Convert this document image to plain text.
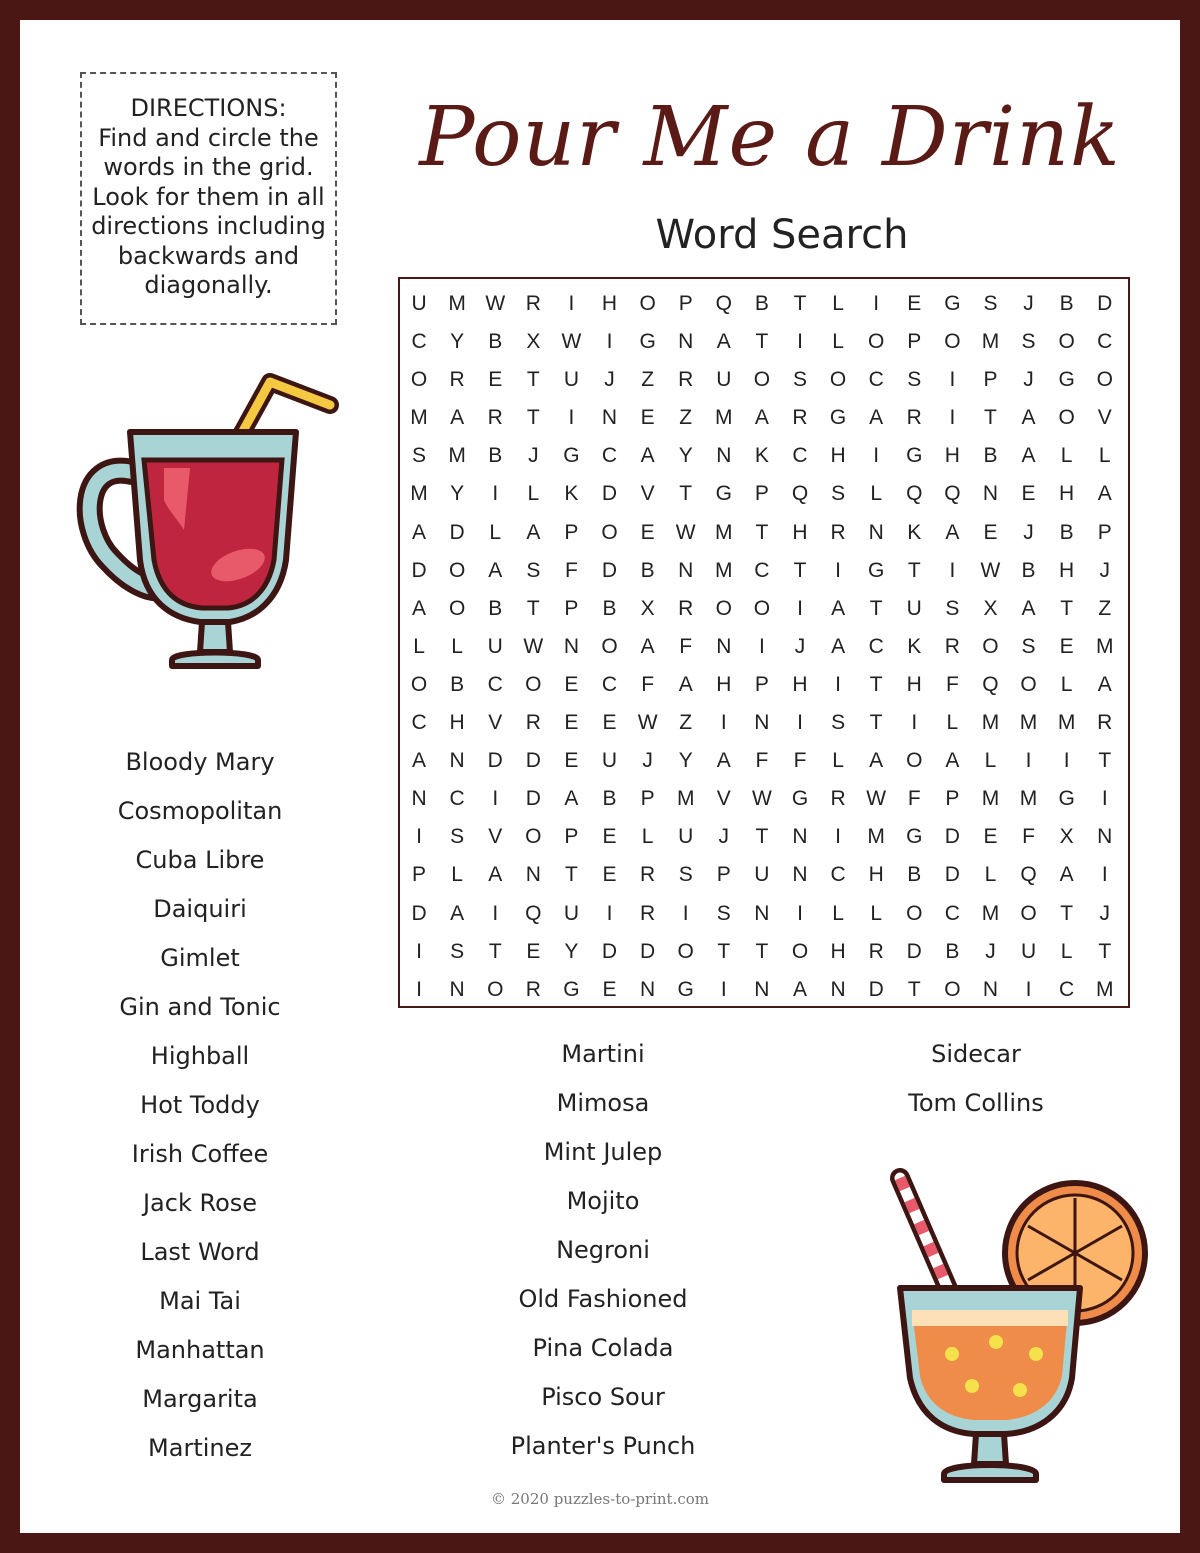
DIRECTIONS:
Find and circle the
words in the grid.
Look for them in all
directions including
backwards and
diagonally.
Pour Me a Drink
Word Search
U	M W R	I	H	O	P	Q	B	T	L	I	E	G	S	J	B	D
C	Y	B	X	W	I	G	N	A	T	I	L	O	P	O	M	S	O	C
O	R	E	T	U	J	Z	R	U	O	S	O	C	S	I	P	J	G	O
M	A	R	T	I	N	E	Z	M	A	R	G	A	R	I	T	A	O	V
S	M	B	J	G	C	A	Y	N	K	C	H	I	G	H	B	A	L	L
M	Y	I	L	K	D	V	T	G	P	Q	S	L	Q	Q	N	E	H	A
A	D	L	A	P	O	E	W M	T	H	R	N	K	A	E	J	B	P
D	O	A	S	F	D	B	N	M	C	T	I	G	T	I	W	B	H	J
A	O	B	T	P	B	X	R	O	O	I	A	T	U	S	X	A	T	Z
L	L	U W N	O	A	F	N	I	J	A	C	K	R	O	S	E	M
O	B	C	O	E	C	F	A	H	P	H	I	T	H	F	Q	O	L	A
C	H	V	R	E	E	W	Z	I	N	I	S	T	I	L	M M M	R
A	N	D	D	E	U	J	Y	A	F	F	L	A	O	A	L	I	I	T
N	C	I	D	A	B	P	M	V	W G	R W	F	P	M M	G	I
I	S	V	O	P	E	L	U	J	T	N	I	M	G	D	E	F	X	N
P	L	A	N	T	E	R	S	P	U	N	C	H	B	D	L	Q	A	I
D	A	I	Q	U	I	R	I	S	N	I	L	L	O	C	M	O	T	J
I	S	T	E	Y	D	D	O	T	T	O	H	R	D	B	J	U	L	T
I	N	O	R	G	E	N	G	I	N	A	N	D	T	O	N	I	C	M
Bloody Mary
Cosmopolitan
Cuba Libre
Daiquiri
Gimlet
Gin and Tonic
Highball
Hot Toddy
Irish Coffee
Jack Rose
Last Word
Mai Tai
Manhattan
Margarita
Martinez
Martini
Mimosa
Mint Julep
Mojito
Negroni
Old Fashioned
Pina Colada
Pisco Sour
Planter's Punch
Sidecar
Tom Collins
© 2020 puzzles-to-print.com
